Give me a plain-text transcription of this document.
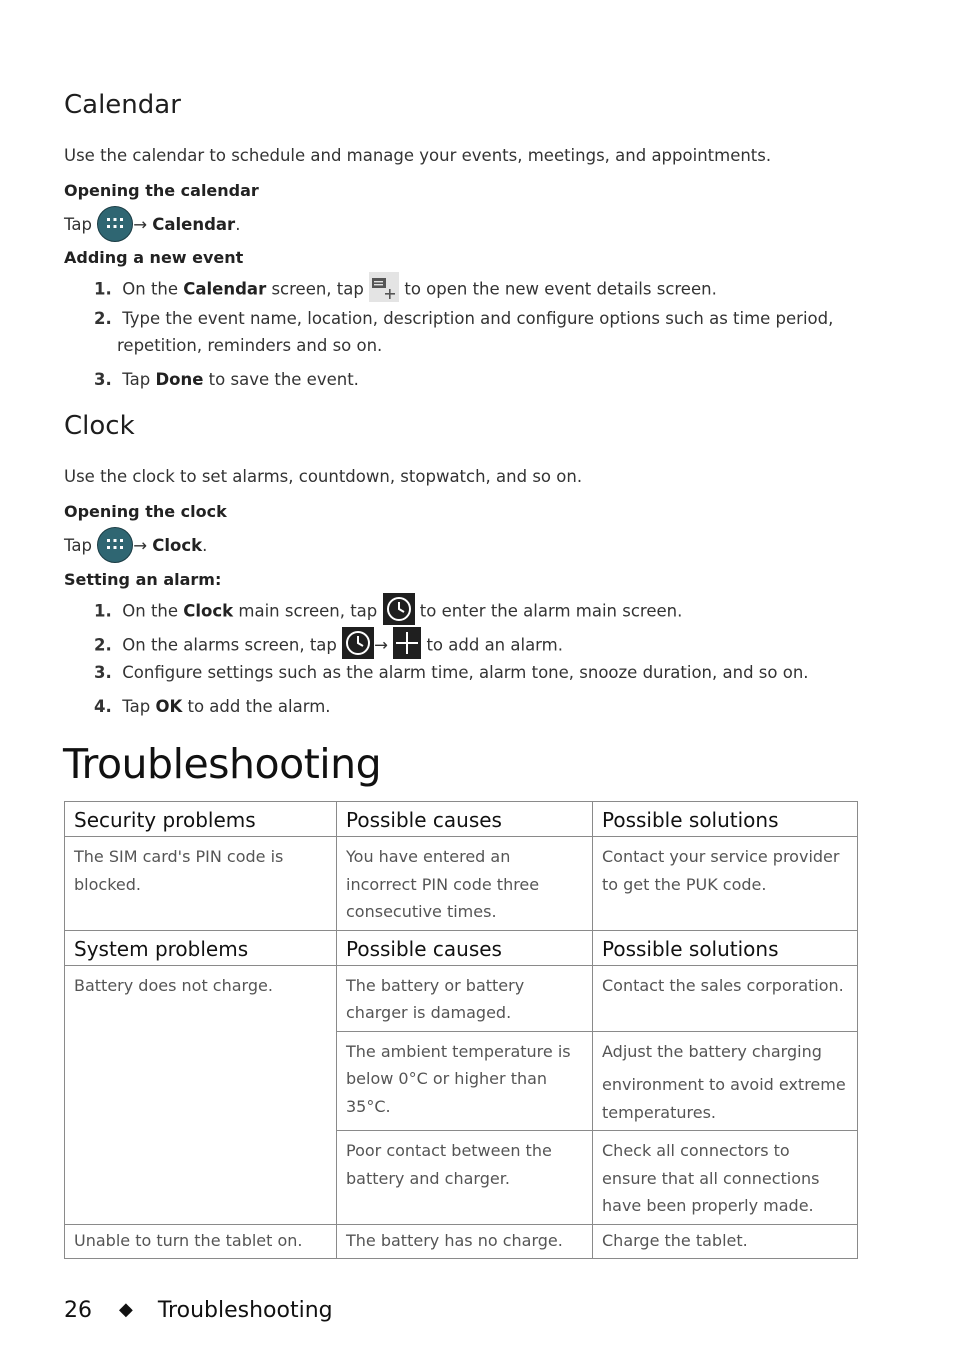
Calendar
Use the calendar to schedule and manage your events, meetings, and appointments.
Opening the calendar
Tap	→ Calendar.
Adding a new event
1. On the Calendar screen, tap to open the new event details screen.
2. Type the event name, location, description and configure options such as time period,
repetition, reminders and so on.
3. Tap Done to save the event.
Clock
Use the clock to set alarms, countdown, stopwatch, and so on.
Opening the clock
Tap	→ Clock.
Setting an alarm:
1. On the Clock main screen, tap	to enter the alarm main screen.
2. On the alarms screen, tap → to add an alarm.
3. Configure settings such as the alarm time, alarm tone, snooze duration, and so on.
4. Tap OK to add the alarm.
Troubleshooting
Security problems	Possible causes	Possible solutions
The SIM card's PIN code is blocked.	You have entered an incorrect PIN code three consecutive times.	Contact your service provider to get the PUK code.
System problems	Possible causes	Possible solutions
Battery does not charge.	The battery or battery charger is damaged.	Contact the sales corporation.
	The ambient temperature is below 0°C or higher than 35°C.	Adjust the battery charging
environment to avoid extreme temperatures.

	Poor contact between the battery and charger.	Check all connectors to ensure that all connections have been properly made.
Unable to turn the tablet on.	The battery has no charge.	Charge the tablet.
26 ◆ Troubleshooting
